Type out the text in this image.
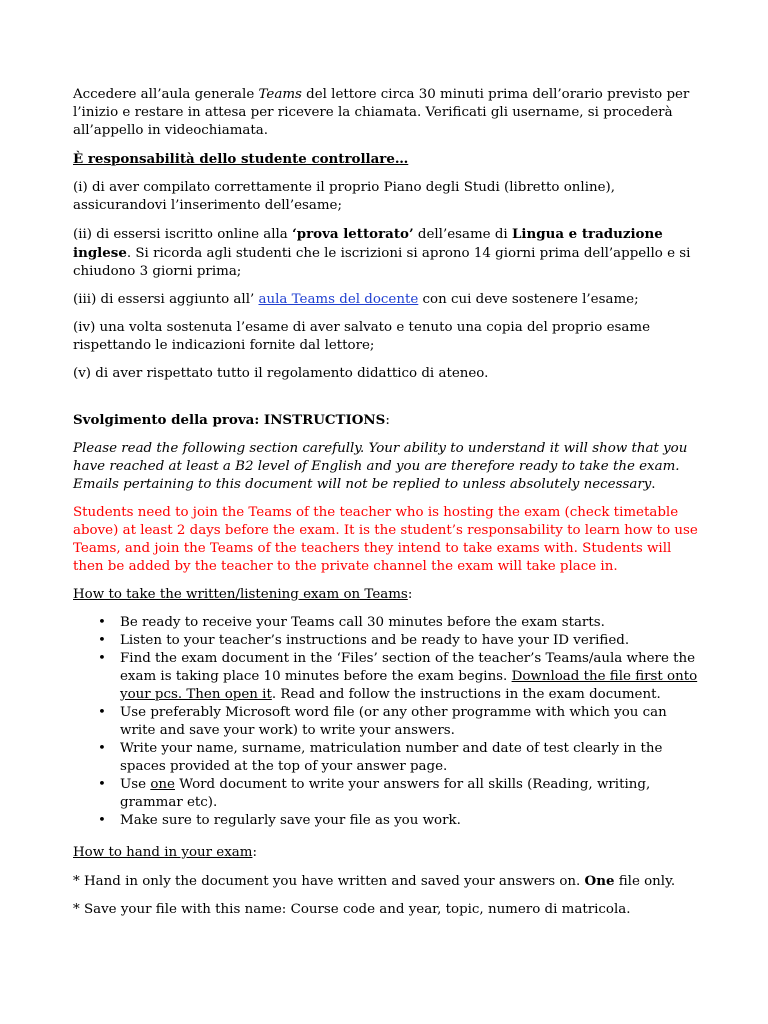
Accedere all’aula generale Teams del lettore circa 30 minuti prima dell’orario previsto per l’inizio e restare in attesa per ricevere la chiamata. Verificati gli username, si procederà all’appello in videochiamata.

È responsabilità dello studente controllare…

(i) di aver compilato correttamente il proprio Piano degli Studi (libretto online), assicurandovi l’inserimento dell’esame;

(ii) di essersi iscritto online alla ‘prova lettorato’ dell’esame di Lingua e traduzione inglese. Si ricorda agli studenti che le iscrizioni si aprono 14 giorni prima dell’appello e si chiudono 3 giorni prima;

(iii) di essersi aggiunto all’ aula Teams del docente con cui deve sostenere l’esame;

(iv) una volta sostenuta l’esame di aver salvato e tenuto una copia del proprio esame rispettando le indicazioni fornite dal lettore;

(v) di aver rispettato tutto il regolamento didattico di ateneo.

Svolgimento della prova: INSTRUCTIONS:

Please read the following section carefully. Your ability to understand it will show that you have reached at least a B2 level of English and you are therefore ready to take the exam. Emails pertaining to this document will not be replied to unless absolutely necessary.

Students need to join the Teams of the teacher who is hosting the exam (check timetable above) at least 2 days before the exam. It is the student’s responsability to learn how to use Teams, and join the Teams of the teachers they intend to take exams with. Students will then be added by the teacher to the private channel the exam will take place in.

How to take the written/listening exam on Teams:

• Be ready to receive your Teams call 30 minutes before the exam starts.
• Listen to your teacher’s instructions and be ready to have your ID verified.
• Find the exam document in the ‘Files’ section of the teacher’s Teams/aula where the exam is taking place 10 minutes before the exam begins. Download the file first onto your pcs. Then open it. Read and follow the instructions in the exam document.
• Use preferably Microsoft word file (or any other programme with which you can write and save your work) to write your answers.
• Write your name, surname, matriculation number and date of test clearly in the spaces provided at the top of your answer page.
• Use one Word document to write your answers for all skills (Reading, writing, grammar etc).
• Make sure to regularly save your file as you work.

How to hand in your exam:

* Hand in only the document you have written and saved your answers on. One file only.

* Save your file with this name: Course code and year, topic, numero di matricola.
